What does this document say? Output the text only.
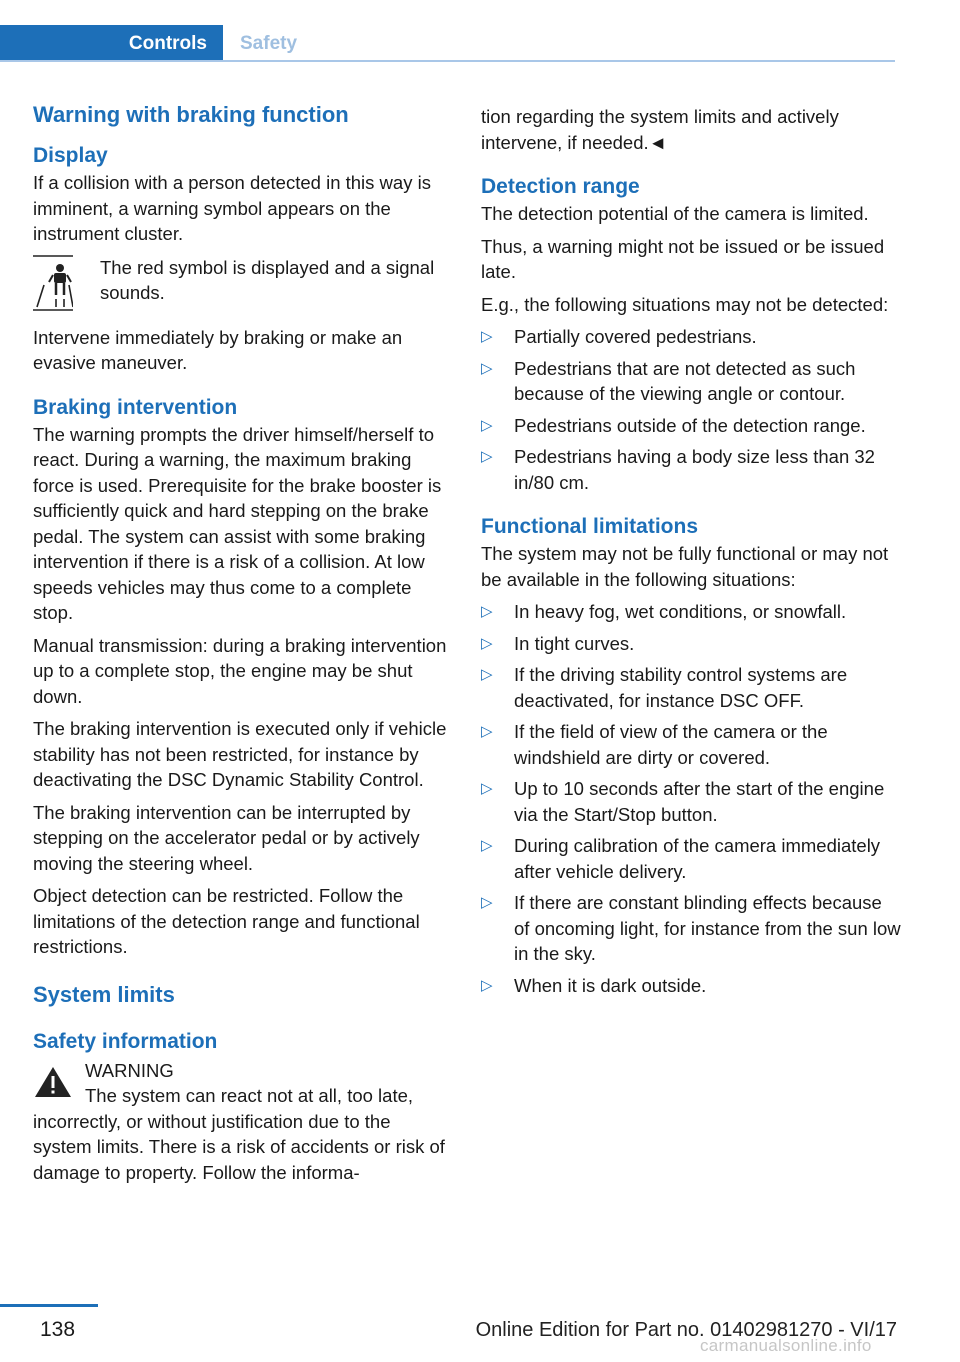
Controls	Safety
Warning with braking function
Display

If a collision with a person detected in this way is imminent, a warning symbol appears on the instrument cluster.

The red symbol is displayed and a signal sounds.

Intervene immediately by braking or make an evasive maneuver.

Braking intervention

The warning prompts the driver himself/herself to react. During a warning, the maximum braking force is used. Prerequisite for the brake booster is sufficiently quick and hard stepping on the brake pedal. The system can assist with some braking intervention if there is a risk of a collision. At low speeds vehicles may thus come to a complete stop.

Manual transmission: during a braking intervention up to a complete stop, the engine may be shut down.

The braking intervention is executed only if vehicle stability has not been restricted, for instance by deactivating the DSC Dynamic Stability Control.

The braking intervention can be interrupted by stepping on the accelerator pedal or by actively moving the steering wheel.

Object detection can be restricted. Follow the limitations of the detection range and functional restrictions.

System limits
Safety information

WARNING

The system can react not at all, too late,

incorrectly, or without justification due to the system limits. There is a risk of accidents or risk of damage to property. Follow the informa-

tion regarding the system limits and actively intervene, if needed.◄

Detection range

The detection potential of the camera is limited.

Thus, a warning might not be issued or be issued late.

E.g., the following situations may not be detected:

▷ Partially covered pedestrians.
▷ Pedestrians that are not detected as such because of the viewing angle or contour.
▷ Pedestrians outside of the detection range.
▷ Pedestrians having a body size less than 32 in/80 cm.
Functional limitations

The system may not be fully functional or may not be available in the following situations:

▷ In heavy fog, wet conditions, or snowfall.
▷ In tight curves.
▷ If the driving stability control systems are deactivated, for instance DSC OFF.
▷ If the field of view of the camera or the windshield are dirty or covered.
▷ Up to 10 seconds after the start of the engine via the Start/Stop button.
▷ During calibration of the camera immediately after vehicle delivery.
▷ If there are constant blinding effects because of oncoming light, for instance from the sun low in the sky.
▷ When it is dark outside.
138	Online Edition for Part no. 01402981270 - VI/17
carmanualsonline.info
